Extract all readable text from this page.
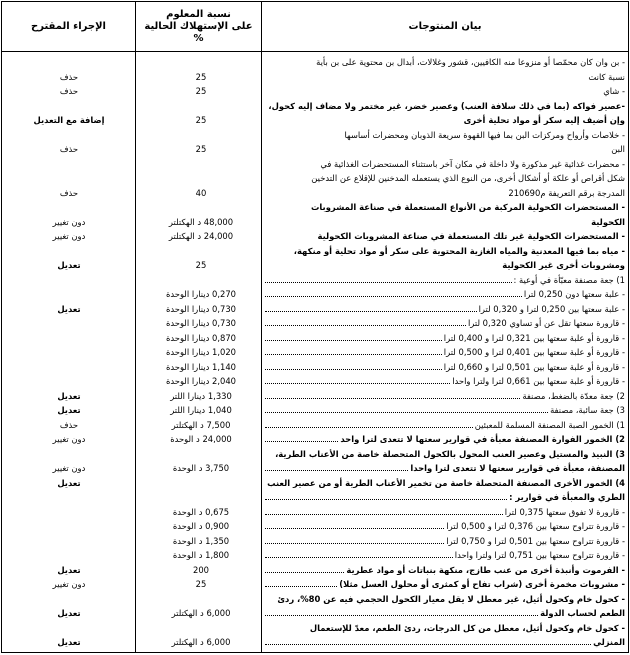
بيان المنتوجات
نسبة المعلوم
على الإستهلاك الحالية
%
الإجراء المقترح
- بن وان كان محمّصا أو منزوعا منه الكافيين، قشور وغلالات، أبدال بن محتوية على بن بأية
نسبة كانت
25
حذف
- شاي
25
حذف
-عصير فواكه (بما في ذلك سلافة العنب) وعصير خضر، غير مختمر ولا مضاف إليه كحول،
وإن أضيف إليه سكر أو مواد تحلية أخرى
25
إضافة مع التعديل
- خلاصات وأرواح ومركزات البن بما فيها القهوة سريعة الذوبان ومحضرات أساسها
البن
25
حذف
- محضرات غذائية غير مذكورة ولا داخلة في مكان آخر باستثناء المستحضرات الغذائية في
شكل أقراص أو علكة أو أشكال أخرى، من النوع الذي يستعمله المدخنين للإقلاع عن التدخين
المدرجة برقم التعريفة م210690
40
حذف
- المستحضرات الكحولية المركبة من الأنواع المستعملة في صناعة المشروبات
الكحولية
48,000 د الهكتلتر
دون تغيير
- المستحضرات الكحولية غير تلك المستعملة في صناعة المشروبات الكحولية
24,000 د الهكتلتر
دون تغيير
- مياه بما فيها المعدنية والمياه الغازية المحتوية على سكر أو مواد تحلية أو منكهة،
ومشروبات أخرى غير الكحولية
25
تعديل
1) جعة مصنفة معبّأة في أوعية :
- علبة سعتها دون 0,250 لترا
0,270 دينارا الوحدة
- علبة سعتها بين 0,250 لترا و 0,320 لترا
0,730 دينارا الوحدة
تعديل
- قارورة سعتها تقل عن أو تساوي 0,320 لترا
0,730 دينارا الوحدة
- قارورة أو علبة سعتها بين 0,321 لترا و 0,400 لترا
0,870 دينارا الوحدة
- قارورة أو علبة سعتها بين 0,401 لترا و 0,500 لترا
1,020 دينارا الوحدة
- قارورة أو علبة سعتها بين 0,501 لترا و 0,660 لترا
1,140 دينارا الوحدة
- قارورة أو علبة سعتها بين 0,661 لترا ولترا واحدا
2,040 دينارا الوحدة
2) جعة معدّة بالضغط، مصنفة
1,330 دينارا اللتر
تعديل
3) جعة سائبة، مصنفة
1,040 دينارا اللتر
تعديل
1) الخمور الصبة المصنفة المسلمة للمعبئين
7,500 د الهكتلتر
حذف
2) الخمور الفوارة المصنفة معبأة في قوارير سعتها لا تتعدى لترا واحد
24,000 د الوحدة
دون تغيير
3) النبيذ والمستيل وعصير العنب المحول بالكحول المتحصلة خاصة من الأعناب الطرية،
المصنفة، معبأة في قوارير سعتها لا تتعدى لترا واحدا
3,750 د الوحدة
دون تغيير
4) الخمور الأخرى المصنفة المتحصلة خاصة من تخمير الأعناب الطرية أو من عصير العنب
تعديل
الطري والمعبأة في قوارير :
- قارورة لا تفوق سعتها 0,375 لترا
0,675 د الوحدة
- قارورة تتراوح سعتها بين 0,376 لترا و 0,500 لترا
0,900 د الوحدة
- قارورة تتراوح سعتها بين 0,501 لترا و 0,750 لترا
1,350 د الوحدة
- قارورة تتراوح سعتها بين 0,751 لترا ولترا واحدا
1,800 د الوحدة
- الفرموت وأنبذة أخرى من عنب طازج، منكهة بنباتات أو مواد عطرية
200
تعديل
- مشروبات مخمرة أخرى (شراب تفاح أو كمثرى أو محلول العسل مثلا)
25
دون تغيير
- كحول خام وكحول أثيل، غير معطل لا يقل معيار الكحول الحجمي فيه عن 80%، ردئ
الطعم لحساب الدولة
6,000 د الهكتلتر
تعديل
- كحول خام وكحول أثيل، معطل من كل الدرجات، ردئ الطعم، معدّ للإستعمال
المنزلي
6,000 د الهكتلتر
تعديل
